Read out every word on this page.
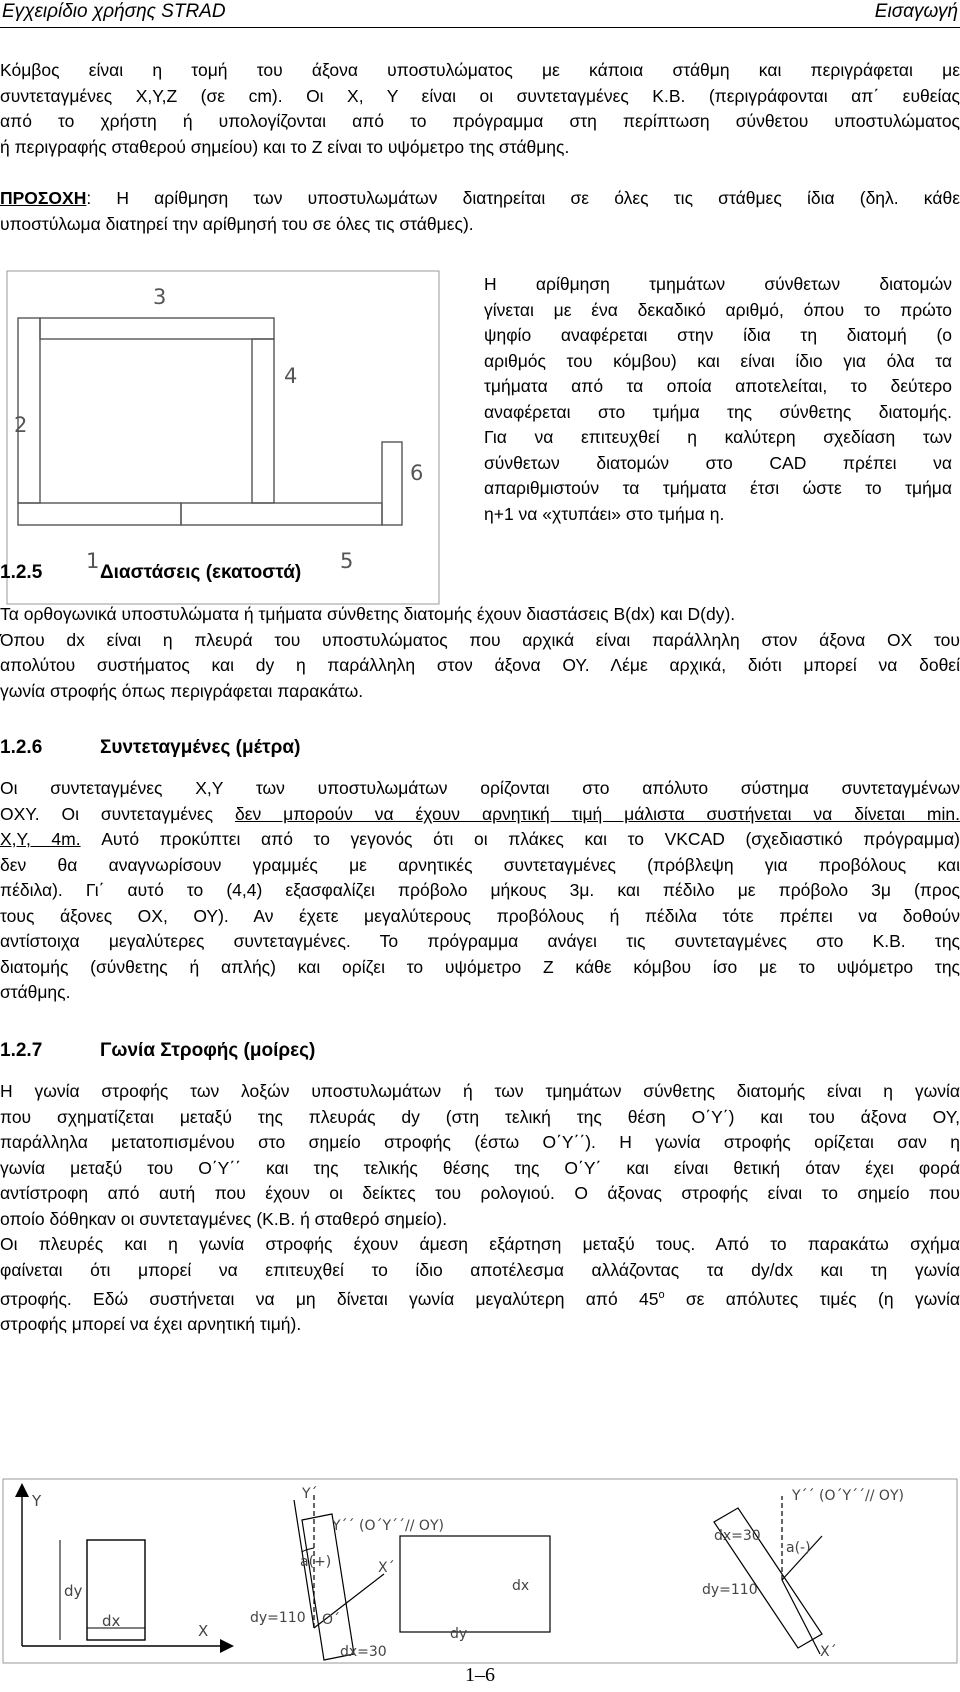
Εγχειρίδιο χρήσης STRAD	Εισαγωγή
Κόμβος είναι η τομή του άξονα υποστυλώματος με κάποια στάθμη και περιγράφεται με
συντεταγμένες X,Y,Z (σε cm). Οι X, Y είναι οι συντεταγμένες Κ.Β. (περιγράφονται απ΄ ευθείας
από το χρήστη ή υπολογίζονται από το πρόγραμμα στη περίπτωση σύνθετου υποστυλώματος
ή περιγραφής σταθερού σημείου) και το Z είναι το υψόμετρο της στάθμης.
ΠΡΟΣΟΧΗ: Η αρίθμηση των υποστυλωμάτων διατηρείται σε όλες τις στάθμες ίδια (δηλ. κάθε
υποστύλωμα διατηρεί την αρίθμησή του σε όλες τις στάθμες).
1
2
3
4
5
6
Η αρίθμηση τμημάτων σύνθετων διατομών
γίνεται με ένα δεκαδικό αριθμό, όπου το πρώτο
ψηφίο αναφέρεται στην ίδια τη διατομή (ο
αριθμός του κόμβου) και είναι ίδιο για όλα τα
τμήματα από τα οποία αποτελείται, το δεύτερο
αναφέρεται στο τμήμα της σύνθετης διατομής.
Για να επιτευχθεί η καλύτερη σχεδίαση των
σύνθετων διατομών στο CAD πρέπει να
απαριθμιστούν τα τμήματα έτσι ώστε το τμήμα
η+1 να «χτυπάει» στο τμήμα η.
1.2.5	Διαστάσεις (εκατοστά)
Τα ορθογωνικά υποστυλώματα ή τμήματα σύνθετης διατομής έχουν διαστάσεις B(dx) και D(dy).
Όπου dx είναι η πλευρά του υποστυλώματος που αρχικά είναι παράλληλη στον άξονα ΟΧ του
απολύτου συστήματος και dy η παράλληλη στον άξονα ΟΥ. Λέμε αρχικά, διότι μπορεί να δοθεί
γωνία στροφής όπως περιγράφεται παρακάτω.
1.2.6	Συντεταγμένες (μέτρα)
Οι συντεταγμένες X,Y των υποστυλωμάτων ορίζονται στο απόλυτο σύστημα συντεταγμένων
ΟΧΥ. Οι συντεταγμένες δεν μπορούν να έχουν αρνητική τιμή μάλιστα συστήνεται να δίνεται min.
X,Y, 4m. Αυτό προκύπτει από το γεγονός ότι οι πλάκες και το VKCAD (σχεδιαστικό πρόγραμμα)
δεν θα αναγνωρίσουν γραμμές με αρνητικές συντεταγμένες (πρόβλεψη για προβόλους και
πέδιλα). Γι΄ αυτό το (4,4) εξασφαλίζει πρόβολο μήκους 3μ. και πέδιλο με πρόβολο 3μ (προς
τους άξονες ΟΧ, ΟΥ). Αν έχετε μεγαλύτερους προβόλους ή πέδιλα τότε πρέπει να δοθούν
αντίστοιχα μεγαλύτερες συντεταγμένες. Το πρόγραμμα ανάγει τις συντεταγμένες στο Κ.Β. της
διατομής (σύνθετης ή απλής) και ορίζει το υψόμετρο Z κάθε κόμβου ίσο με το υψόμετρο της
στάθμης.
1.2.7	Γωνία Στροφής (μοίρες)
Η γωνία στροφής των λοξών υποστυλωμάτων ή των τμημάτων σύνθετης διατομής είναι η γωνία
που σχηματίζεται μεταξύ της πλευράς dy (στη τελική της θέση Ο΄Υ΄) και του άξονα ΟΥ,
παράλληλα μετατοπισμένου στο σημείο στροφής (έστω Ο΄Υ΄΄). Η γωνία στροφής ορίζεται σαν η
γωνία μεταξύ του Ο΄Υ΄΄ και της τελικής θέσης της Ο΄Υ΄ και είναι θετική όταν έχει φορά
αντίστροφη από αυτή που έχουν οι δείκτες του ρολογιού. Ο άξονας στροφής είναι το σημείο που
οποίο δόθηκαν οι συντεταγμένες (Κ.Β. ή σταθερό σημείο).
Οι πλευρές και η γωνία στροφής έχουν άμεση εξάρτηση μεταξύ τους. Από το παρακάτω σχήμα
φαίνεται ότι μπορεί να επιτευχθεί το ίδιο αποτέλεσμα αλλάζοντας τα dy/dx και τη γωνία
στροφής. Εδώ συστήνεται να μη δίνεται γωνία μεγαλύτερη από $45^o$ σε απόλυτες τιμές (η γωνία
στροφής μπορεί να έχει αρνητική τιμή).
Y
dy
dx
X
Y΄
Y΄΄ (Ο΄Υ΄΄// ΟΥ)
a(+)	X΄
dy=110 Ο΄
dx=30
dx
dy
Y΄΄ (Ο΄Υ΄΄// ΟΥ)
dx=30
a(-)
dy=110
X΄
1–6
